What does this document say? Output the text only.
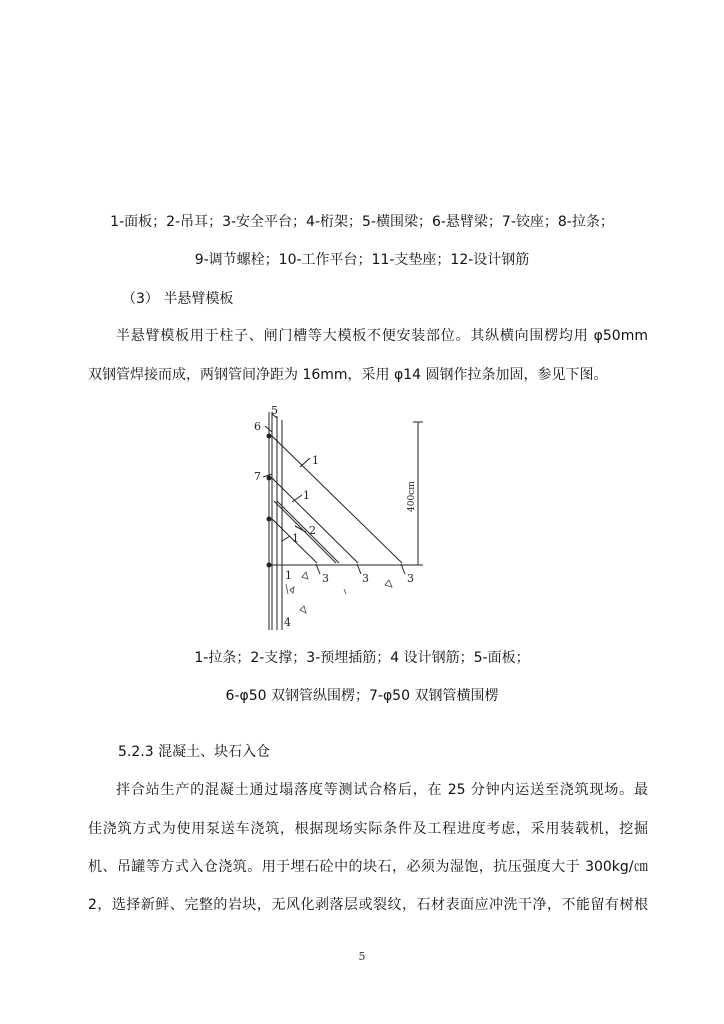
1-面板；2-吊耳；3-安全平台；4-桁架；5-横围梁；6-悬臂梁；7-铰座；8-拉条；
9-调节螺栓；10-工作平台；11-支垫座；12-设计钢筋
（3） 半悬臂模板
半悬臂模板用于柱子、闸门槽等大模板不便安装部位。其纵横向围楞均用 φ50mm
双钢管焊接而成，两钢管间净距为 16mm，采用 φ14 圆钢作拉条加固，参见下图。
5
6
7
1
1
2
1
1	3	3	3
4
400cm
1-拉条；2-支撑；3-预埋插筋；4 设计钢筋；5-面板；
6-φ50 双钢管纵围楞；7-φ50 双钢管横围楞
5.2.3 混凝土、块石入仓
拌合站生产的混凝土通过塌落度等测试合格后，在 25 分钟内运送至浇筑现场。最
佳浇筑方式为使用泵送车浇筑，根据现场实际条件及工程进度考虑，采用装载机，挖掘
机、吊罐等方式入仓浇筑。用于埋石砼中的块石，必须为湿饱，抗压强度大于 300kg/㎝
2，选择新鲜、完整的岩块，无风化剥落层或裂纹，石材表面应冲洗干净，不能留有树根
5
